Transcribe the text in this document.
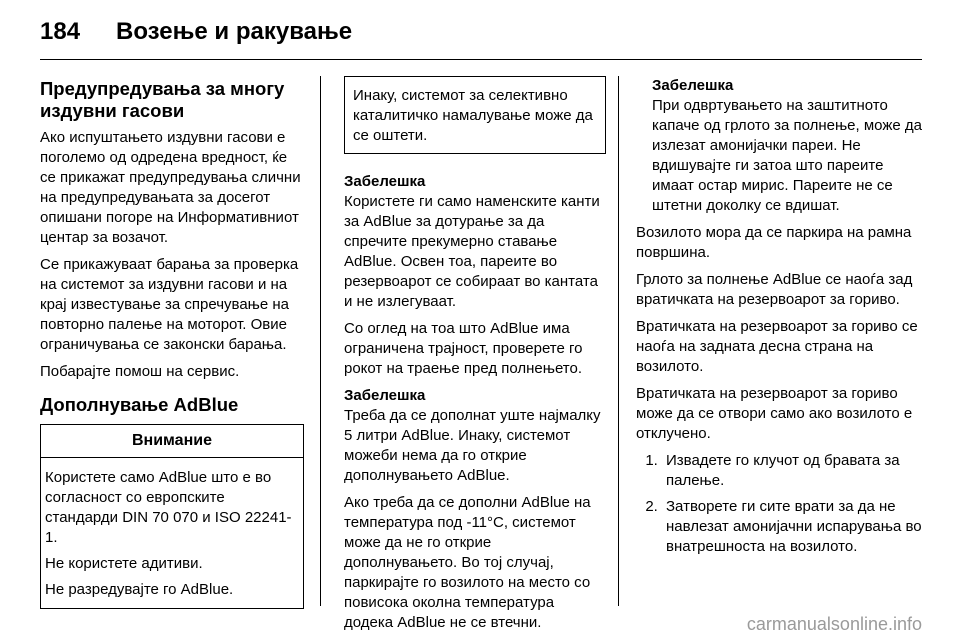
184 Возење и ракување
Предупредувања за многу издувни гасови

Ако испуштањето издувни гасови е поголемо од одредена вредност, ќе се прикажат предупредувања слични на предупредувањата за досегот опишани погоре на Информативниот центар за возачот.

Се прикажуваат барања за проверка на системот за издувни гасови и на крај известување за спречување на повторно палење на моторот. Овие ограничувања се законски барања.

Побарајте помош на сервис.

Дополнување AdBlue
Внимание

Користете само AdBlue што е во согласност со европските стандарди DIN 70 070 и ISO 22241-1.

Не користете адитиви.

Не разредувајте го AdBlue.

Инаку, системот за селективно каталитичко намалување може да се оштети.

Забелешка
Користете ги само наменските канти за AdBlue за дотурање за да спречите прекумерно ставање AdBlue. Освен тоа, пареите во резервоарот се собираат во кантата и не излегуваат.

Со оглед на тоа што AdBlue има ограничена трајност, проверете го рокот на траење пред полнењето.

Забелешка
Треба да се дополнат уште најмалку 5 литри AdBlue. Инаку, системот можеби нема да го открие дополнувањето AdBlue.

Ако треба да се дополни AdBlue на температура под -11°C, системот може да не го открие дополнувањето. Во тој случај, паркирајте го возилото на место со повисока околна температура додека AdBlue не се втечни.

Забелешка
При одвртувањето на заштитното капаче од грлото за полнење, може да излезат амонијачки пареи. Не вдишувајте ги затоа што пареите имаат остар мирис. Пареите не се штетни доколку се вдишат.

Возилото мора да се паркира на рамна површина.

Грлото за полнење AdBlue се наоѓа зад вратичката на резервоарот за гориво.

Вратичката на резервоарот за гориво се наоѓа на задната десна страна на возилото.

Вратичката на резервоарот за гориво може да се отвори само ако возилото е отклучено.

1. Извадете го клучот од бравата за палење.
2. Затворете ги сите врати за да не навлезат амонијачни испарувања во внатрешноста на возилото.
carmanualsonline.info
